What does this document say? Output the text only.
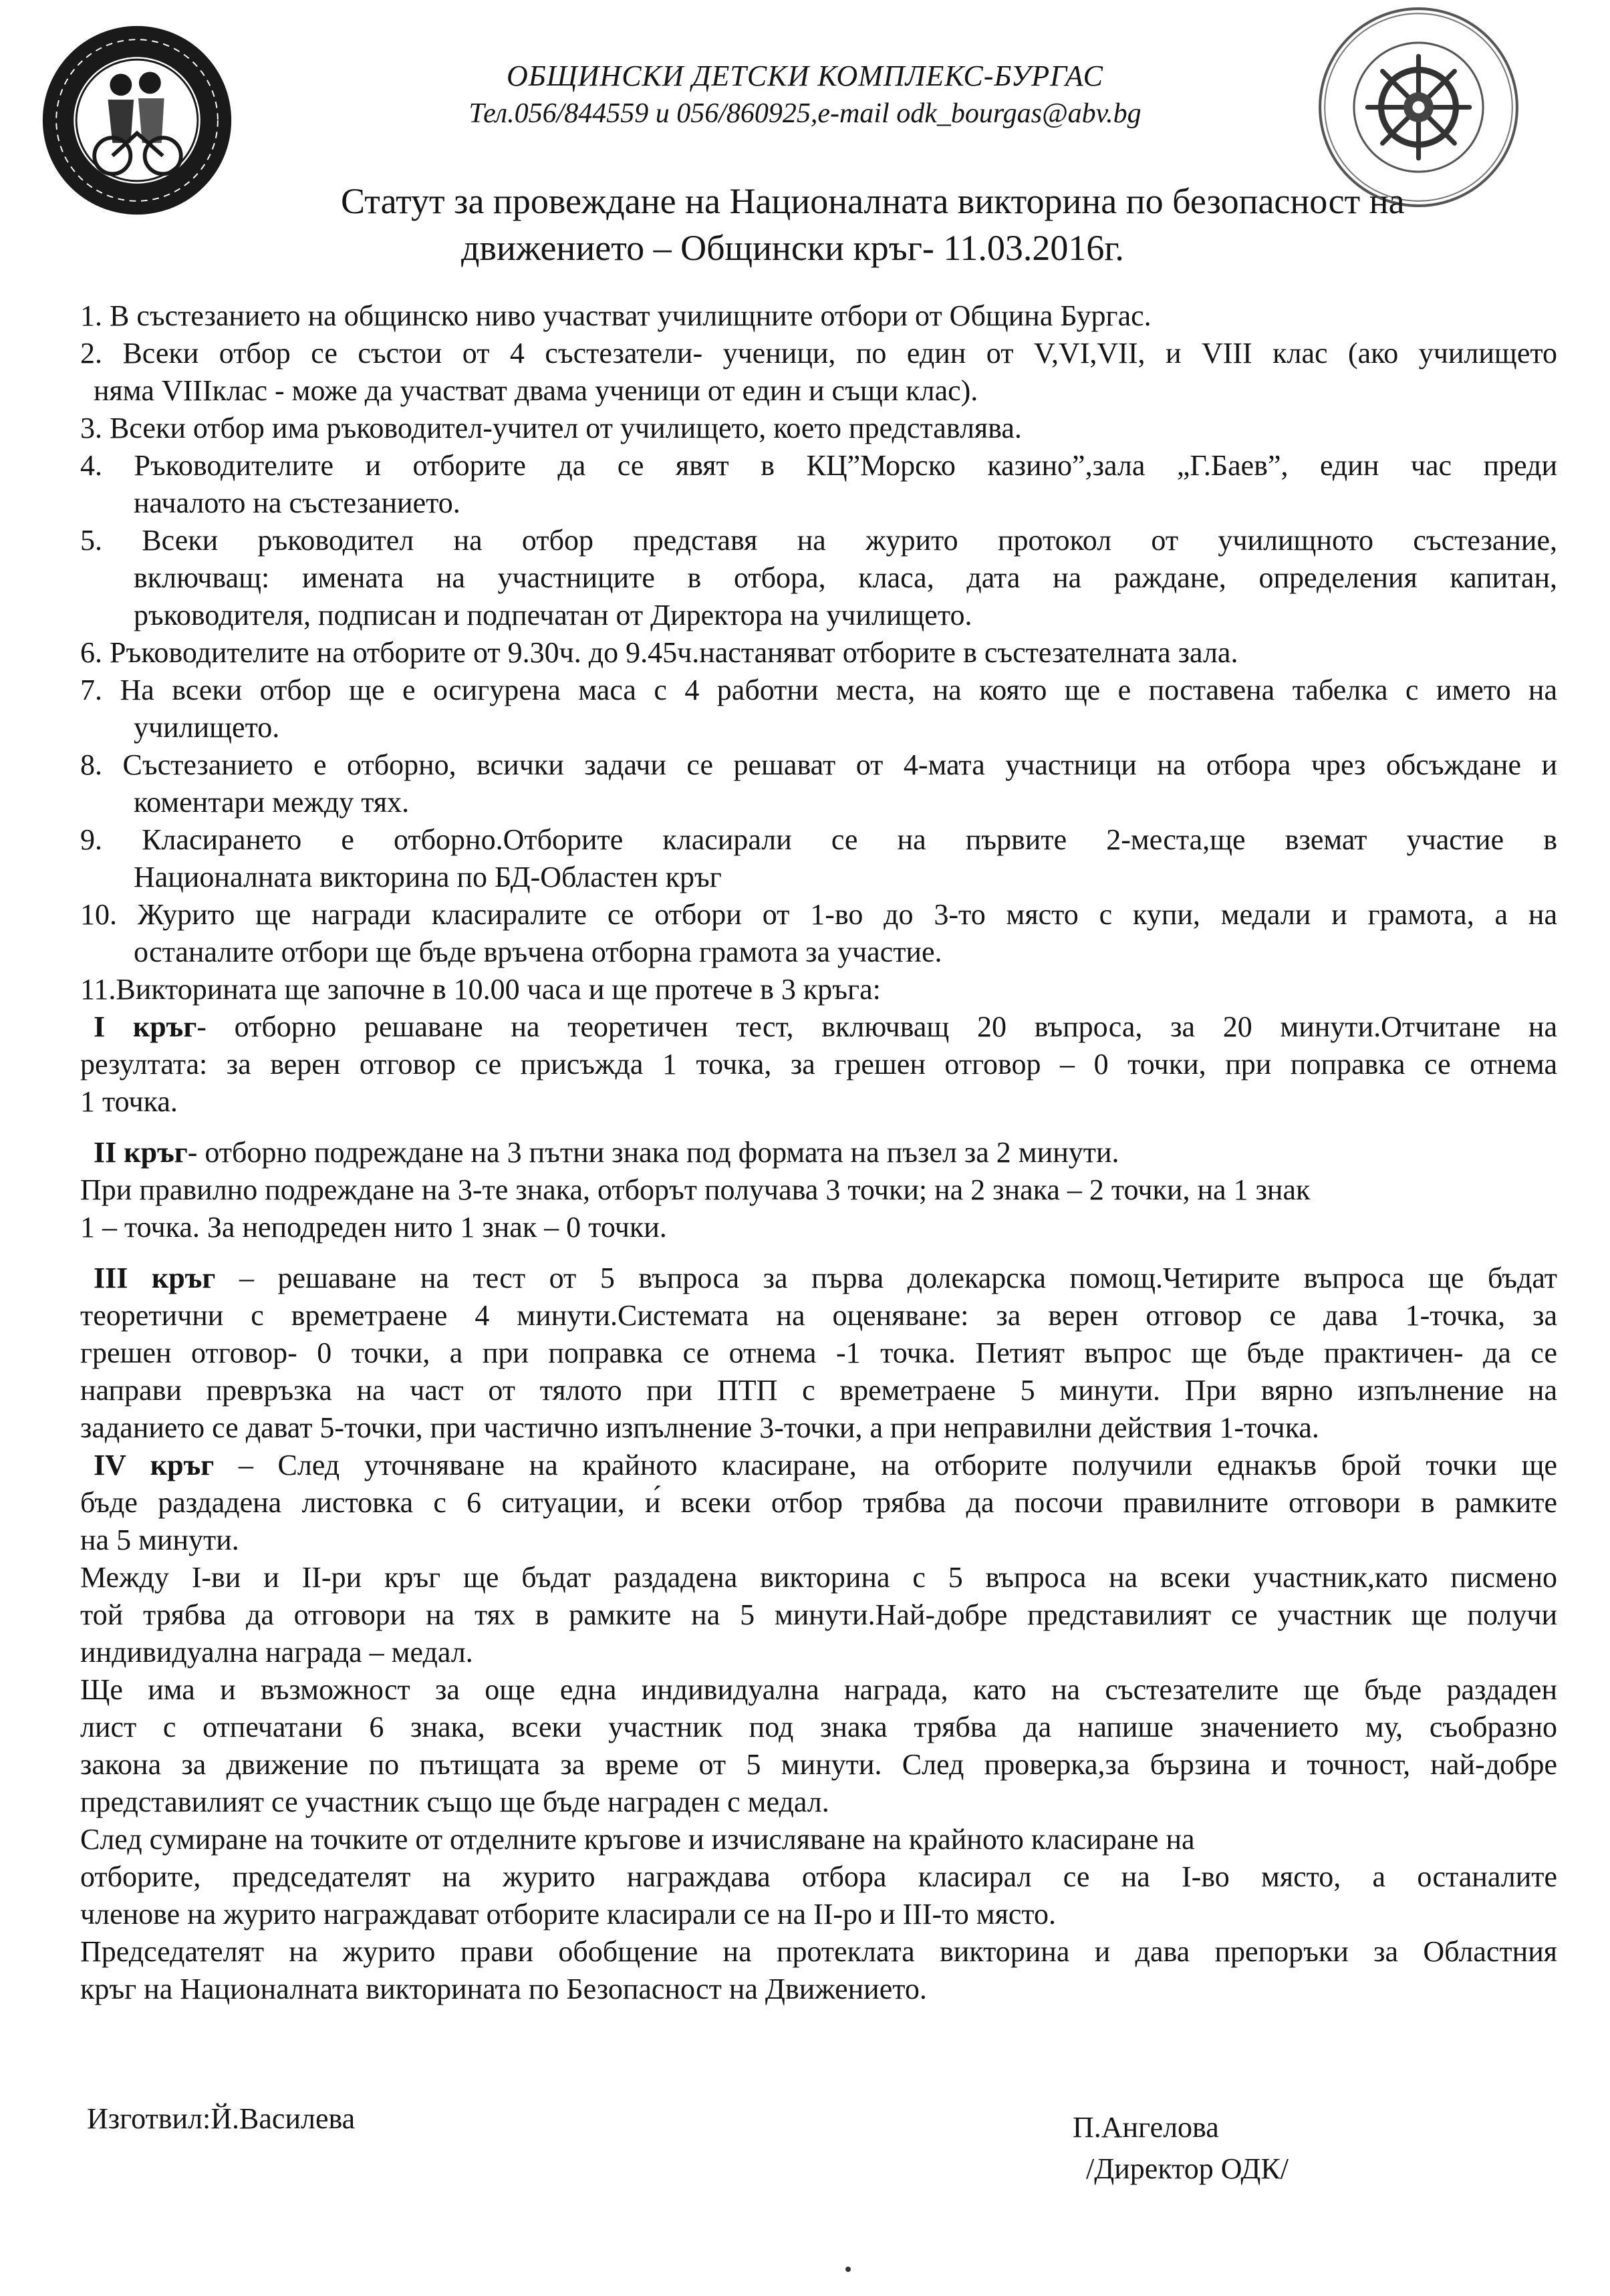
ОБЩИНСКИ ДЕТСКИ КОМПЛЕКС-БУРГАС
Тел.056/844559 и 056/860925,e-mail odk_bourgas@abv.bg
Статут за провеждане на Националната викторина по безопасност на
движението – Общински кръг- 11.03.2016г.
1. В състезанието на общинско ниво участват училищните отбори от Община Бургас.
2. Всеки отбор се състои от 4 състезатели- ученици, по един от V,VI,VII, и VIII клас (ако училището
няма VIIIклас - може да участват двама ученици от един и същи клас).
3. Всеки отбор има ръководител-учител от училището, което представлява.
4. Ръководителите и отборите да се явят в КЦ”Морско казино”,зала „Г.Баев”, един час преди
началото на състезанието.
5. Всеки ръководител на отбор представя на журито протокол от училищното състезание,
включващ: имената на участниците в отбора, класа, дата на раждане, определения капитан,
ръководителя, подписан и подпечатан от Директора на училището.
6. Ръководителите на отборите от 9.30ч. до 9.45ч.настаняват отборите в състезателната зала.
7. На всеки отбор ще е осигурена маса с 4 работни места, на която ще е поставена табелка с името на
училището.
8. Състезанието е отборно, всички задачи се решават от 4-мата участници на отбора чрез обсъждане и
коментари между тях.
9. Класирането е отборно.Отборите класирали се на първите 2-места,ще вземат участие в
Националната викторина по БД-Областен кръг
10. Журито ще награди класиралите се отбори от 1-во до 3-то място с купи, медали и грамота, а на
останалите отбори ще бъде връчена отборна грамота за участие.
11.Викторината ще започне в 10.00 часа и ще протече в 3 кръга:
I кръг- отборно решаване на теоретичен тест, включващ 20 въпроса, за 20 минути.Отчитане на
резултата: за верен отговор се присъжда 1 точка, за грешен отговор – 0 точки, при поправка се отнема
1 точка.
II кръг- отборно подреждане на 3 пътни знака под формата на пъзел за 2 минути.
При правилно подреждане на 3-те знака, отборът получава 3 точки; на 2 знака – 2 точки, на 1 знак
1 – точка. За неподреден нито 1 знак – 0 точки.
III кръг – решаване на тест от 5 въпроса за първа долекарска помощ.Четирите въпроса ще бъдат
теоретични с времетраене 4 минути.Системата на оценяване: за верен отговор се дава 1-точка, за
грешен отговор- 0 точки, а при поправка се отнема -1 точка. Петият въпрос ще бъде практичен- да се
направи превръзка на част от тялото при ПТП с времетраене 5 минути. При вярно изпълнение на
заданието се дават 5-точки, при частично изпълнение 3-точки, а при неправилни действия 1-точка.
IV кръг – След уточняване на крайното класиране, на отборите получили еднакъв брой точки ще
бъде раздадена листовка с 6 ситуации, и́ всеки отбор трябва да посочи правилните отговори в рамките
на 5 минути.
Между I-ви и II-ри кръг ще бъдат раздадена викторина с 5 въпроса на всеки участник,като писмено
той трябва да отговори на тях в рамките на 5 минути.Най-добре представилият се участник ще получи
индивидуална награда – медал.
Ще има и възможност за още една индивидуална награда, като на състезателите ще бъде раздаден
лист с отпечатани 6 знака, всеки участник под знака трябва да напише значението му, съобразно
закона за движение по пътищата за време от 5 минути. След проверка,за бързина и точност, най-добре
представилият се участник също ще бъде награден с медал.
След сумиране на точките от отделните кръгове и изчисляване на крайното класиране на
отборите, председателят на журито награждава отбора класирал се на I-во място, а останалите
членове на журито награждават отборите класирали се на II-ро и III-то място.
Председателят на журито прави обобщение на протеклата викторина и дава препоръки за Областния
кръг на Националната викторината по Безопасност на Движението.
Изготвил:Й.Василева	П.Ангелова
/Директор ОДК/
